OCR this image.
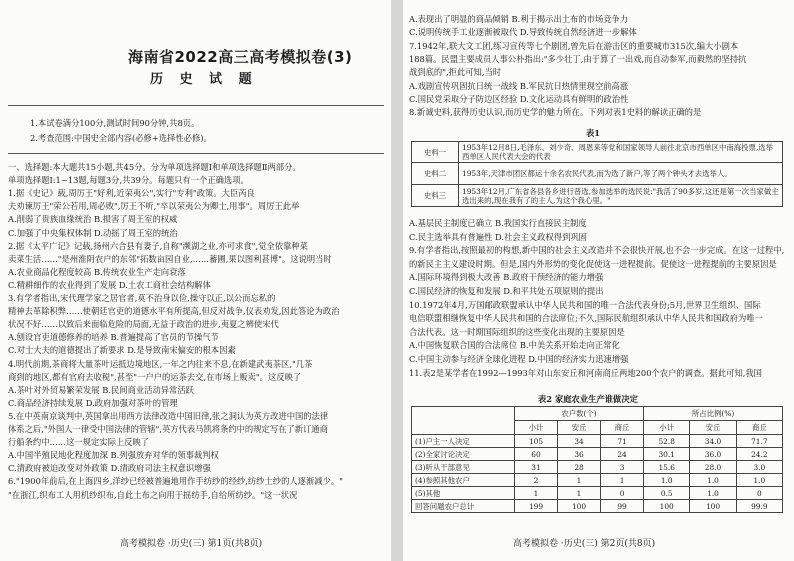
海南省2022高三高考模拟卷(3)
历 史 试 题
1.本试卷满分100分,测试时间90分钟,共8页。
2.考查范围:中国史全部内容(必修+选择性必修)。
一、选择题:本大题共15小题,共45分。分为单项选择题Ⅰ和单项选择题Ⅱ两部分。
单项选择题Ⅰ:1~13题,每题3分,共39分。每题只有一个正确选项。
1.据《史记》载,周厉王"好利,近荣夷公",实行"专利"政策。大臣芮良
夫劝谏厉王"荣公若用,周必败",厉王不听,"卒以荣夷公为卿士,用事"。周厉王此举
A.削弱了贵族血缘统治 B.损害了周王室的权威
C.加强了中央集权体制 D.动摇了周王室的统治
2.据《太平广记》记载,扬州六合县有妻子,自称"濒湖之业,亦可求食",觉全依靠种菜
卖菜生活……"是州淮阴农户的东邻"拓数亩园自业,……蓄圃,果以图利甚博"。这说明当时
A.农业商品化程度较高 B.传统农业生产走向衰落
C.精耕细作的农业得到了发展 D.土农工商社会结构解体
3.有学者指出,宋代理学家之居官者,莫不治身以俭,操守以正,以公而忘私的
精神去革除积弊……使朝廷官吏的道德水平有所提高,但反对战争,仪表劝发,因此答论为政治
状况不好……以致后来面临危险的局面,无益于政治的进步,夷夏之辨使宋代
A.刨设官吏道德修养的培养 B.普遍提高了官员的节操气节
C.对士大夫的道德提出了新要求 D.是导致南宋偏安的根本因素
4.明代前期,茶商将大量茶叶运抵边境地区,一年之内往来不息,在新建武夷茶区,"几茶
商到的地区,都有官府去收税",甚至"一户户的运茶去交,在市场上贩卖"。这反映了
A.茶叶对外贸易繁荣发展 B.民间商业活动异常活跃
C.商品经济持续发展 D.政府加强对茶叶的管理
5.在中英南京谈判中,英国拿出用西方法律改造中国旧律,张之洞认为英方改进中国的法律
体系之后,"外国人一律受中国法律的管辖",英方代表马凯将条约中的规定写在了新订通商
行船条约中……这一规定实际上反映了
A.中国半殖民地化程度加深 B.列强放弃对华的领事裁判权
C.清政府被迫改变对外政策 D.清政府司法主权意识增强
6."1900年前后,在上海四乡,洋纱已经被普遍地用作手纺纱的经纱,纺纱土纱的人逐渐减少。"
"在浙江,织布工人用机纱织布,自此土布之向用于摇纺手,自给所纺纱。"这一状况
高考模拟卷 ·历史(三) 第1页(共8页)
A.表现出了明显的商品倾销 B.利于揭示出土布的市场竞争力
C.说明传统手工业逐渐被取代 D.导致传统自然经济进一步解体
7.1942年,联大文工团,练习宣传等七个剧团,曾先后在游击区的重要城市315次,编大小剧本
188篇。民盟主要成员人事公朴指出:"多少壮丁,由于算了一出戏,而自动参军,而毅然的坚持抗
战到底的",拒此可知,当时
A.戏剧宣传巩固抗日统一战线 B.军民抗日热情里现空前高涨
C.国民党采取分子防边区经验 D.文化运动具有鲜明的政治性
8.新诚史料,获得历史认识,而历史学的魅力所在。下列对表1史料的解读正确的是
表1
史料一	1953年12月8日,毛泽东、刘少奇、周恩来等党和国家领导人前往北京市西单区中南海投票,选举西单区人民代表大会的代表
史料二	1953年,天津市团区都运十余名农民代表,而为选了新户,等了两个钟头才去选举人。
史料三	1953年12月,广东省各县各乡进行普选,参加选举的选民说:"我活了90多岁,这还是第一次当家做主选出来的,现在我有了的主人,为这个我心里。"
A.基层民主制度已确立 B.我国实行直接民主制度
C.民主选举具有普遍性 D.社会主义政权得到巩固
9.有学者指出,按照最初的构想,新中国的社会主义改造并不会很快开展,也不会一步完成。在这一过程中,
的新民主主义建设时期。但是,国内外形势的变化促使这一进程提前。促使这一进程提前的主要原因是
A.国际环境得到极大改善 B.政府干预经济的能力增强
C.国民经济的恢复和发展 D.和平共处五项原则的提出
10.1972年4月,万国邮政联盟承认中华人民共和国的唯一合法代表身份;5月,世界卫生组织、国际
电信联盟相继恢复中华人民共和国的合法席位;不久,国际民航组织承认中华人民共和国政府为唯一
合法代表。这一时期国际组织的这些变化出现的主要原因是
A.中国恢复联合国的合法席位 B.中美关系开始走向正常化
C.中国主动参与经济全球化进程 D.中国的经济实力迅速增强
11.表2是某学者在1992—1993年对山东安丘和河南商丘两地200个农户的调查。据此可知,我国
表2 家庭农业生产谁做决定
	农户数(个)			所占比例(%)		
	小计	安丘	商丘	小计	安丘	商丘
(1)户主一人决定	105	34	71	52.8	34.0	71.7
(2)全家讨论决定	60	36	24	30.1	36.0	24.2
(3)听从干部意见	31	28	3	15.6	28.0	3.0
(4)参照其他农户	2	1	1	1.0	1.0	1.0
(5)其他	1	1	0	0.5	1.0	0
回答问题农户总计	199	100	99	100	100	99.9
高考模拟卷 ·历史(三) 第2页(共8页)
